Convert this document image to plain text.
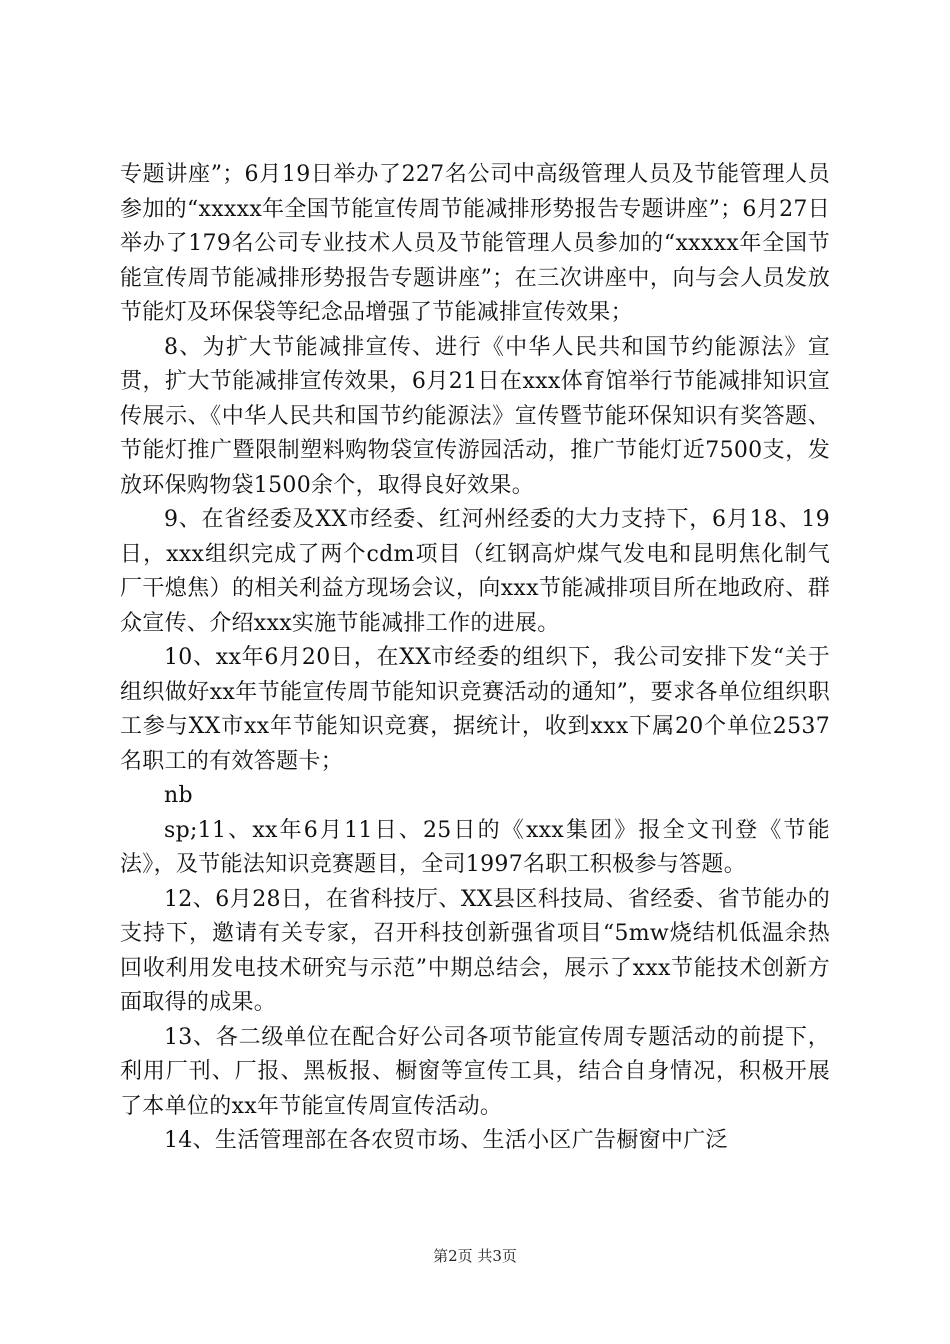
专题讲座”；6月19日举办了227名公司中高级管理人员及节能管理人员参加的“xxxxx年全国节能宣传周节能减排形势报告专题讲座”；6月27日举办了179名公司专业技术人员及节能管理人员参加的“xxxxx年全国节能宣传周节能减排形势报告专题讲座”；在三次讲座中，向与会人员发放节能灯及环保袋等纪念品增强了节能减排宣传效果；

8、为扩大节能减排宣传、进行《中华人民共和国节约能源法》宣贯，扩大节能减排宣传效果，6月21日在xxx体育馆举行节能减排知识宣传展示、《中华人民共和国节约能源法》宣传暨节能环保知识有奖答题、节能灯推广暨限制塑料购物袋宣传游园活动，推广节能灯近7500支，发放环保购物袋1500余个，取得良好效果。

9、在省经委及XX市经委、红河州经委的大力支持下，6月18、19日，xxx组织完成了两个cdm项目（红钢高炉煤气发电和昆明焦化制气厂干熄焦）的相关利益方现场会议，向xxx节能减排项目所在地政府、群众宣传、介绍xxx实施节能减排工作的进展。

10、xx年6月20日，在XX市经委的组织下，我公司安排下发“关于组织做好xx年节能宣传周节能知识竞赛活动的通知”，要求各单位组织职工参与XX市xx年节能知识竞赛，据统计，收到xxx下属20个单位2537名职工的有效答题卡；

nb

sp;11、xx年6月11日、25日的《xxx集团》报全文刊登《节能法》，及节能法知识竞赛题目，全司1997名职工积极参与答题。

12、6月28日，在省科技厅、XX县区科技局、省经委、省节能办的支持下，邀请有关专家，召开科技创新强省项目“5mw烧结机低温余热回收利用发电技术研究与示范”中期总结会，展示了xxx节能技术创新方面取得的成果。

13、各二级单位在配合好公司各项节能宣传周专题活动的前提下，利用厂刊、厂报、黑板报、橱窗等宣传工具，结合自身情况，积极开展了本单位的xx年节能宣传周宣传活动。

14、生活管理部在各农贸市场、生活小区广告橱窗中广泛

第2页 共3页
